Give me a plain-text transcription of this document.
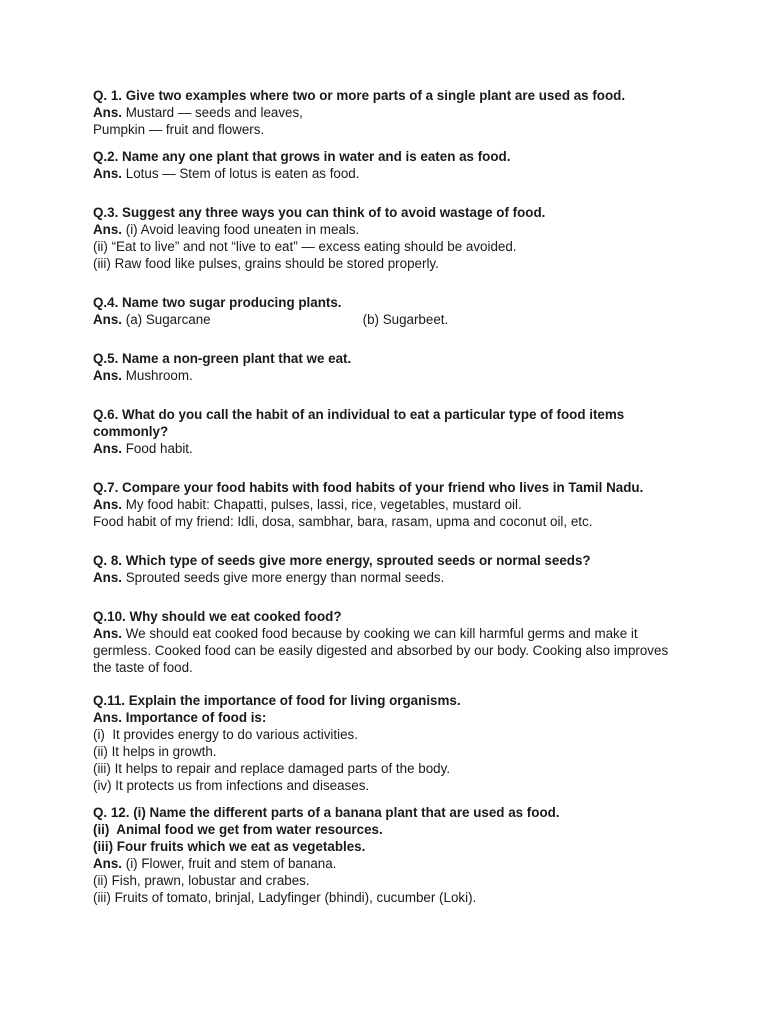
Q. 1. Give two examples where two or more parts of a single plant are used as food.
Ans. Mustard — seeds and leaves,
Pumpkin — fruit and flowers.
Q.2. Name any one plant that grows in water and is eaten as food.
Ans. Lotus — Stem of lotus is eaten as food.
Q.3. Suggest any three ways you can think of to avoid wastage of food.
Ans. (i) Avoid leaving food uneaten in meals.
(ii) “Eat to live” and not “live to eat” — excess eating should be avoided.
(iii) Raw food like pulses, grains should be stored properly.
Q.4. Name two sugar producing plants.
Ans. (a) Sugarcane	(b) Sugarbeet.
Q.5. Name a non-green plant that we eat.
Ans. Mushroom.
Q.6. What do you call the habit of an individual to eat a particular type of food items commonly?
Ans. Food habit.
Q.7. Compare your food habits with food habits of your friend who lives in Tamil Nadu.
Ans. My food habit: Chapatti, pulses, lassi, rice, vegetables, mustard oil.
Food habit of my friend: Idli, dosa, sambhar, bara, rasam, upma and coconut oil, etc.
Q. 8. Which type of seeds give more energy, sprouted seeds or normal seeds?
Ans. Sprouted seeds give more energy than normal seeds.
Q.10. Why should we eat cooked food?
Ans. We should eat cooked food because by cooking we can kill harmful germs and make it germless. Cooked food can be easily digested and absorbed by our body. Cooking also improves the taste of food.
Q.11. Explain the importance of food for living organisms.
Ans. Importance of food is:
(i)  It provides energy to do various activities.
(ii) It helps in growth.
(iii) It helps to repair and replace damaged parts of the body.
(iv) It protects us from infections and diseases.
Q. 12. (i) Name the different parts of a banana plant that are used as food.
(ii)  Animal food we get from water resources.
(iii) Four fruits which we eat as vegetables.
Ans. (i) Flower, fruit and stem of banana.
(ii) Fish, prawn, lobustar and crabes.
(iii) Fruits of tomato, brinjal, Ladyfinger (bhindi), cucumber (Loki).
